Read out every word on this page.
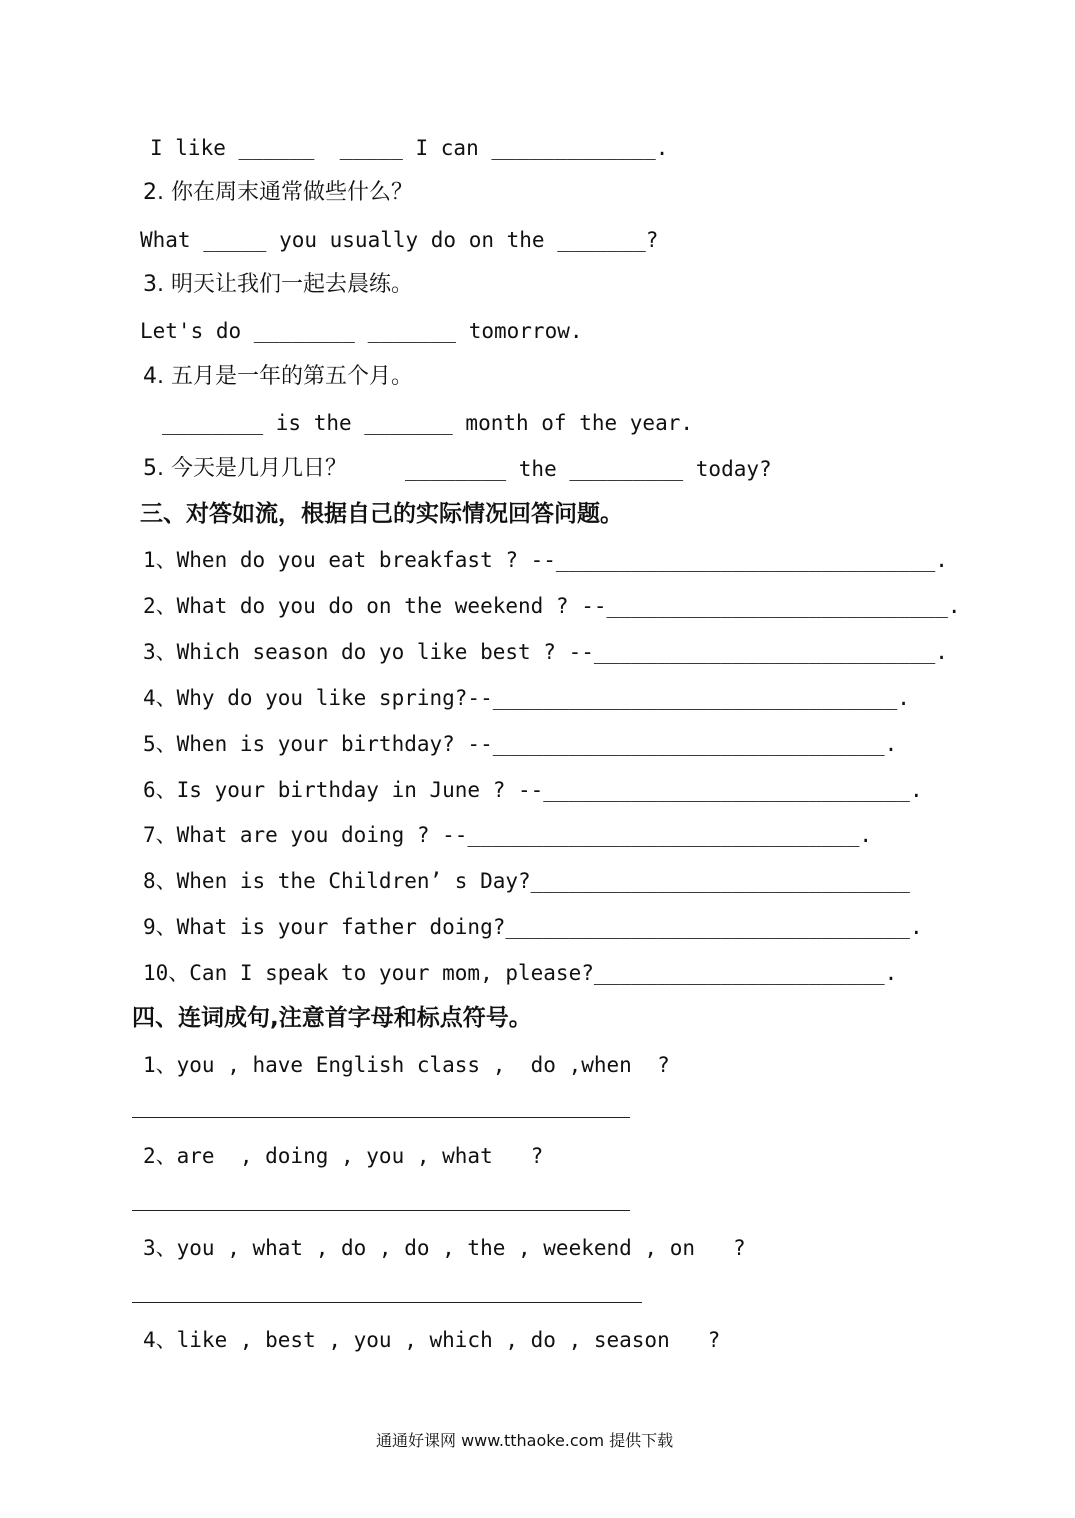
I like ______  _____ I can _____________.
2. 你在周末通常做些什么？
What _____ you usually do on the _______?
3. 明天让我们一起去晨练。
Let's do ________ _______ tomorrow.
4. 五月是一年的第五个月。
________ is the _______ month of the year.
5. 今天是几月几日？	________ the _________ today?
三、对答如流，根据自己的实际情况回答问题。
1、When do you eat breakfast ? --______________________________.
2、What do you do on the weekend ? --___________________________.
3、Which season do yo like best ? --___________________________.
4、Why do you like spring?--________________________________.
5、When is your birthday? --_______________________________.
6、Is your birthday in June ? --_____________________________.
7、What are you doing ? --_______________________________.
8、When is the Children’ s Day?______________________________
9、What is your father doing?________________________________.
10、Can I speak to your mom, please?_______________________.
四、连词成句,注意首字母和标点符号。
1、you , have English class ,  do ,when  ?
2、are  , doing , you , what   ?
3、you , what , do , do , the , weekend , on   ?
4、like , best , you , which , do , season   ?
通通好课网 www.tthaoke.com 提供下载
